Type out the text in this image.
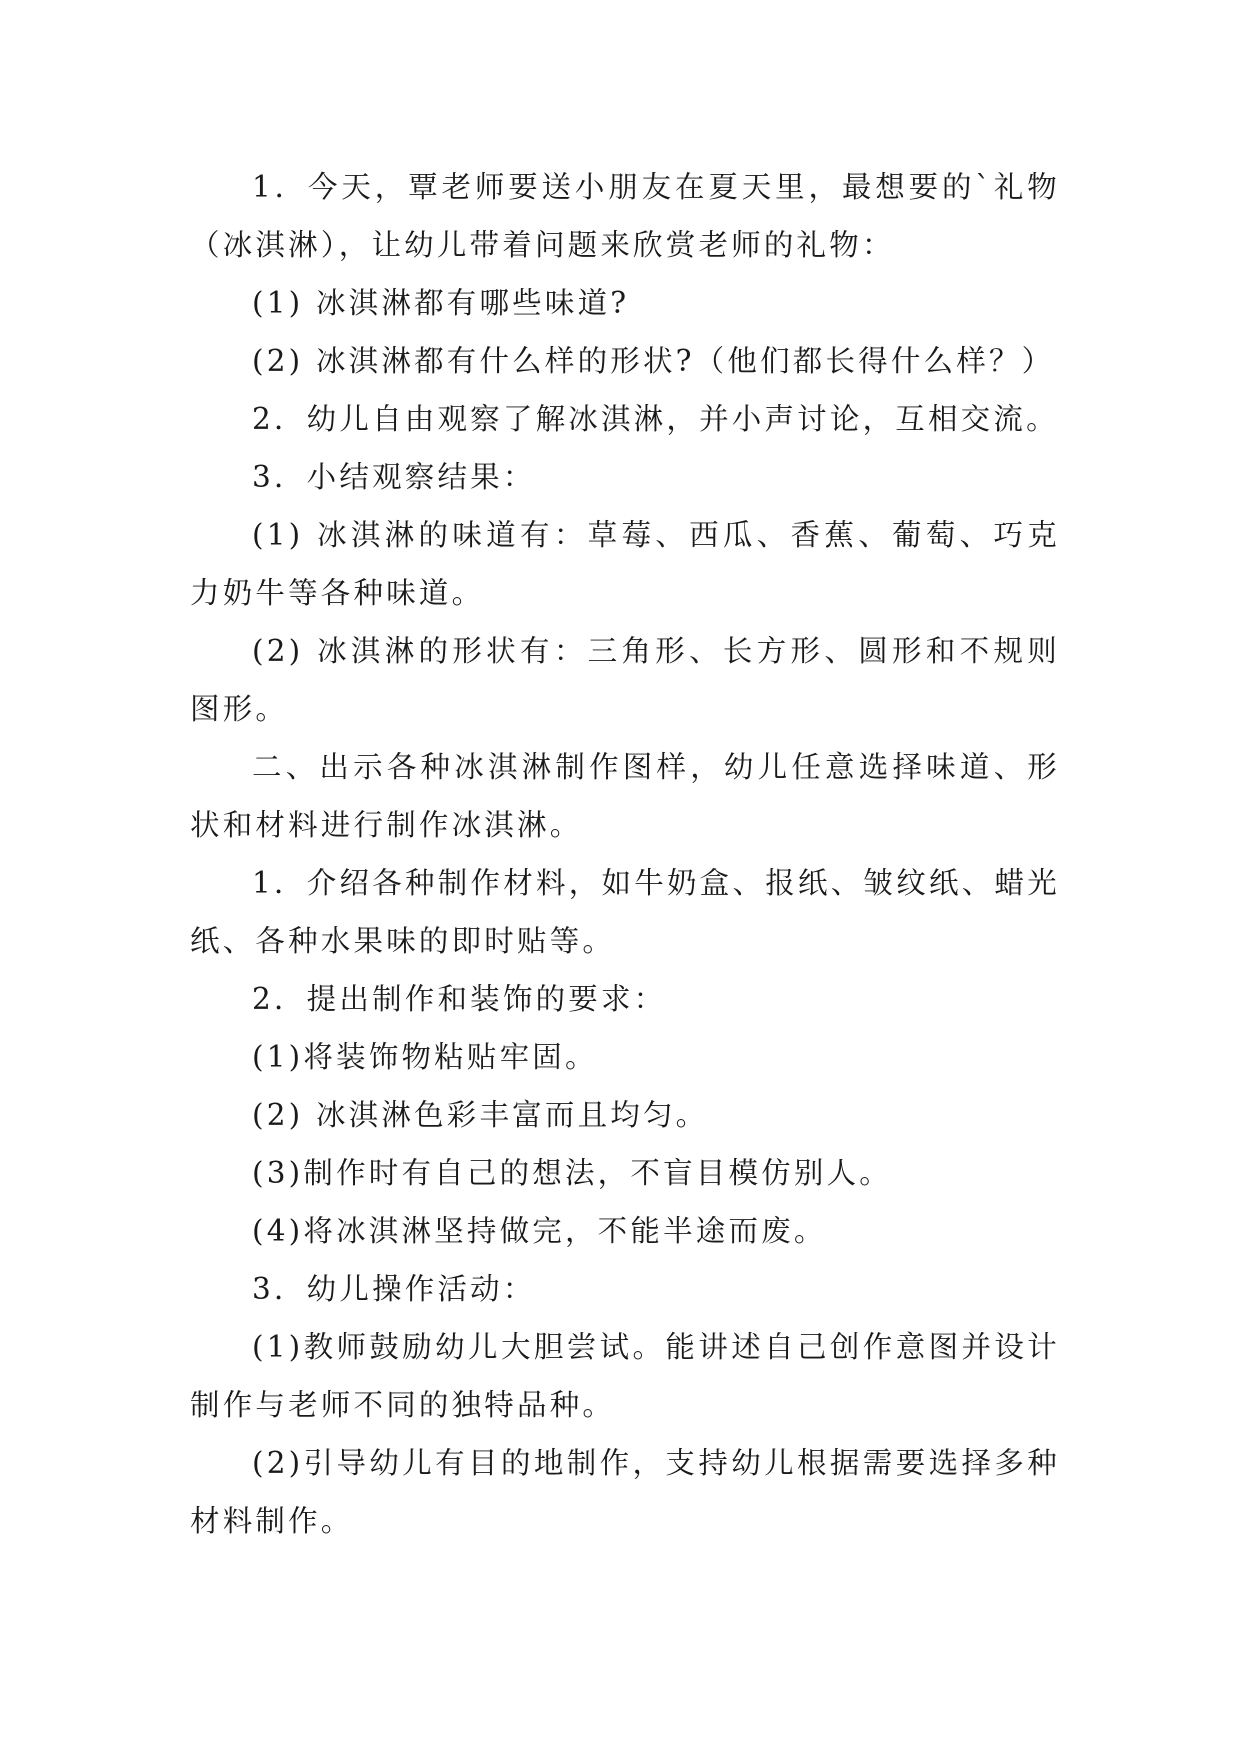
1．今天，覃老师要送小朋友在夏天里，最想要的`礼物（冰淇淋），让幼儿带着问题来欣赏老师的礼物：

(1) 冰淇淋都有哪些味道?

(2) 冰淇淋都有什么样的形状?（他们都长得什么样？）

2．幼儿自由观察了解冰淇淋，并小声讨论，互相交流。

3．小结观察结果：

(1) 冰淇淋的味道有：草莓、西瓜、香蕉、葡萄、巧克力奶牛等各种味道。

(2) 冰淇淋的形状有：三角形、长方形、圆形和不规则图形。

二、出示各种冰淇淋制作图样，幼儿任意选择味道、形状和材料进行制作冰淇淋。

1．介绍各种制作材料，如牛奶盒、报纸、皱纹纸、蜡光纸、各种水果味的即时贴等。

2．提出制作和装饰的要求：

(1)将装饰物粘贴牢固。

(2) 冰淇淋色彩丰富而且均匀。

(3)制作时有自己的想法，不盲目模仿别人。

(4)将冰淇淋坚持做完，不能半途而废。

3．幼儿操作活动：

(1)教师鼓励幼儿大胆尝试。能讲述自己创作意图并设计制作与老师不同的独特品种。

(2)引导幼儿有目的地制作，支持幼儿根据需要选择多种材料制作。
